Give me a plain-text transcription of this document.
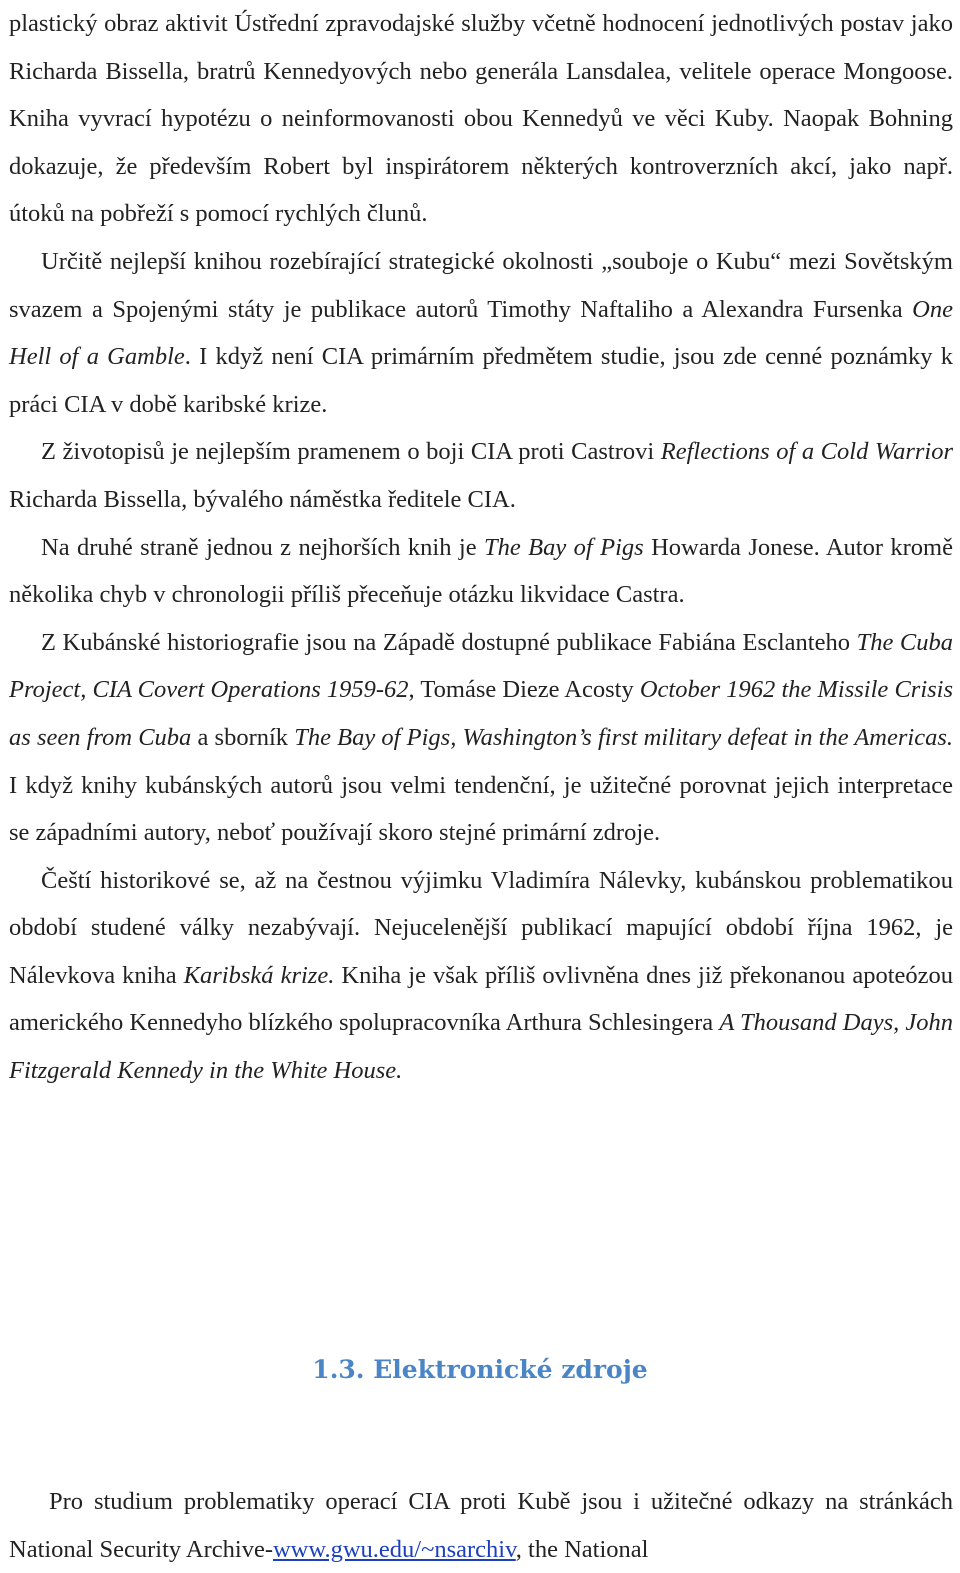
plastický obraz aktivit Ústřední zpravodajské služby včetně hodnocení jednotlivých postav jako Richarda Bissella, bratrů Kennedyových nebo generála Lansdalea, velitele operace Mongoose. Kniha vyvrací hypotézu o neinformovanosti obou Kennedyů ve věci Kuby. Naopak Bohning dokazuje, že především Robert byl inspirátorem některých kontroverzních akcí, jako např. útoků na pobřeží s pomocí rychlých člunů.

Určitě nejlepší knihou rozebírající strategické okolnosti „souboje o Kubu“ mezi Sovětským svazem a Spojenými státy je publikace autorů Timothy Naftaliho a Alexandra Fursenka One Hell of a Gamble. I když není CIA primárním předmětem studie, jsou zde cenné poznámky k práci CIA v době karibské krize.

Z životopisů je nejlepším pramenem o boji CIA proti Castrovi Reflections of a Cold Warrior Richarda Bissella, bývalého náměstka ředitele CIA.

Na druhé straně jednou z nejhorších knih je The Bay of Pigs Howarda Jonese. Autor kromě několika chyb v chronologii příliš přeceňuje otázku likvidace Castra.

Z Kubánské historiografie jsou na Západě dostupné publikace Fabiána Esclanteho The Cuba Project, CIA Covert Operations 1959-62, Tomáse Dieze Acosty October 1962 the Missile Crisis as seen from Cuba a sborník The Bay of Pigs, Washington’s first military defeat in the Americas. I když knihy kubánských autorů jsou velmi tendenční, je užitečné porovnat jejich interpretace se západními autory, neboť používají skoro stejné primární zdroje.

Čeští historikové se, až na čestnou výjimku Vladimíra Nálevky, kubánskou problematikou období studené války nezabývají. Nejucelenější publikací mapující období října 1962, je Nálevkova kniha Karibská krize. Kniha je však příliš ovlivněna dnes již překonanou apoteózou amerického Kennedyho blízkého spolupracovníka Arthura Schlesingera A Thousand Days, John Fitzgerald Kennedy in the White House.

1.3. Elektronické zdroje

Pro studium problematiky operací CIA proti Kubě jsou i užitečné odkazy na stránkách National Security Archive-www.gwu.edu/~nsarchiv, the National
